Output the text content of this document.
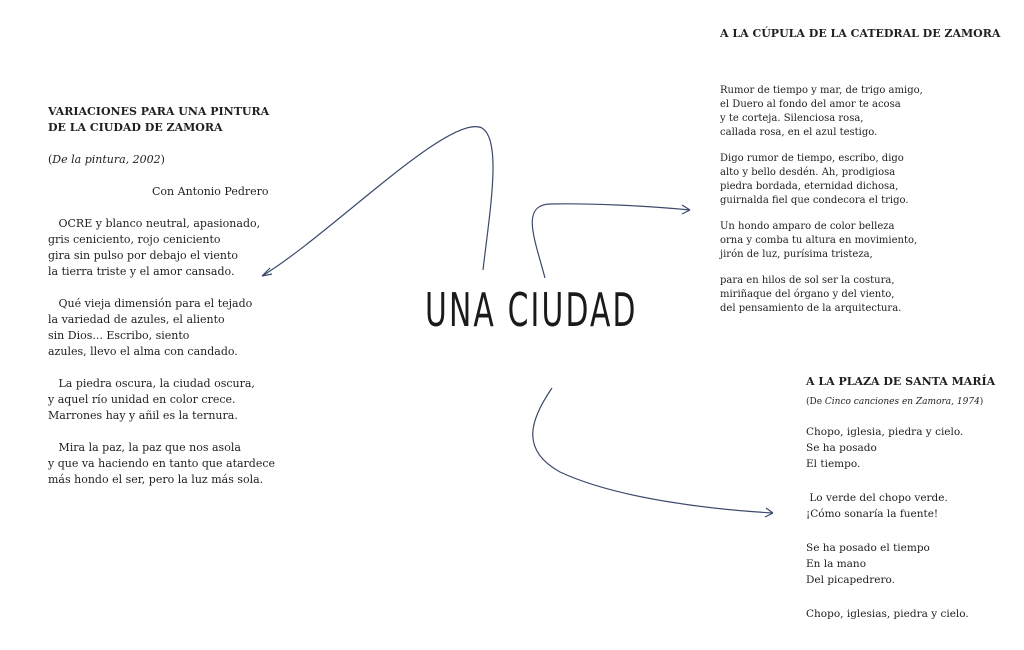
UNA CIUDAD
VARIACIONES PARA UNA PINTURA
DE LA CIUDAD DE ZAMORA
(De la pintura, 2002)
Con Antonio Pedrero
OCRE y blanco neutral, apasionado,
gris ceniciento, rojo ceniciento
gira sin pulso por debajo el viento
la tierra triste y el amor cansado.
Qué vieja dimensión para el tejado
la variedad de azules, el aliento
sin Dios... Escribo, siento
azules, llevo el alma con candado.
La piedra oscura, la ciudad oscura,
y aquel río unidad en color crece.
Marrones hay y añil es la ternura.
Mira la paz, la paz que nos asola
y que va haciendo en tanto que atardece
más hondo el ser, pero la luz más sola.
A LA CÚPULA DE LA CATEDRAL DE ZAMORA
Rumor de tiempo y mar, de trigo amigo,
el Duero al fondo del amor te acosa
y te corteja. Silenciosa rosa,
callada rosa, en el azul testigo.
Digo rumor de tiempo, escribo, digo
alto y bello desdén. Ah, prodigiosa
piedra bordada, eternidad dichosa,
guirnalda fiel que condecora el trigo.
Un hondo amparo de color belleza
orna y comba tu altura en movimiento,
jirón de luz, purísima tristeza,
para en hilos de sol ser la costura,
miriñaque del órgano y del viento,
del pensamiento de la arquitectura.
A LA PLAZA DE SANTA MARÍA
(De Cinco canciones en Zamora, 1974)
Chopo, iglesia, piedra y cielo.
Se ha posado
El tiempo.
Lo verde del chopo verde.
¡Cómo sonaría la fuente!
Se ha posado el tiempo
En la mano
Del picapedrero.
Chopo, iglesias, piedra y cielo.
